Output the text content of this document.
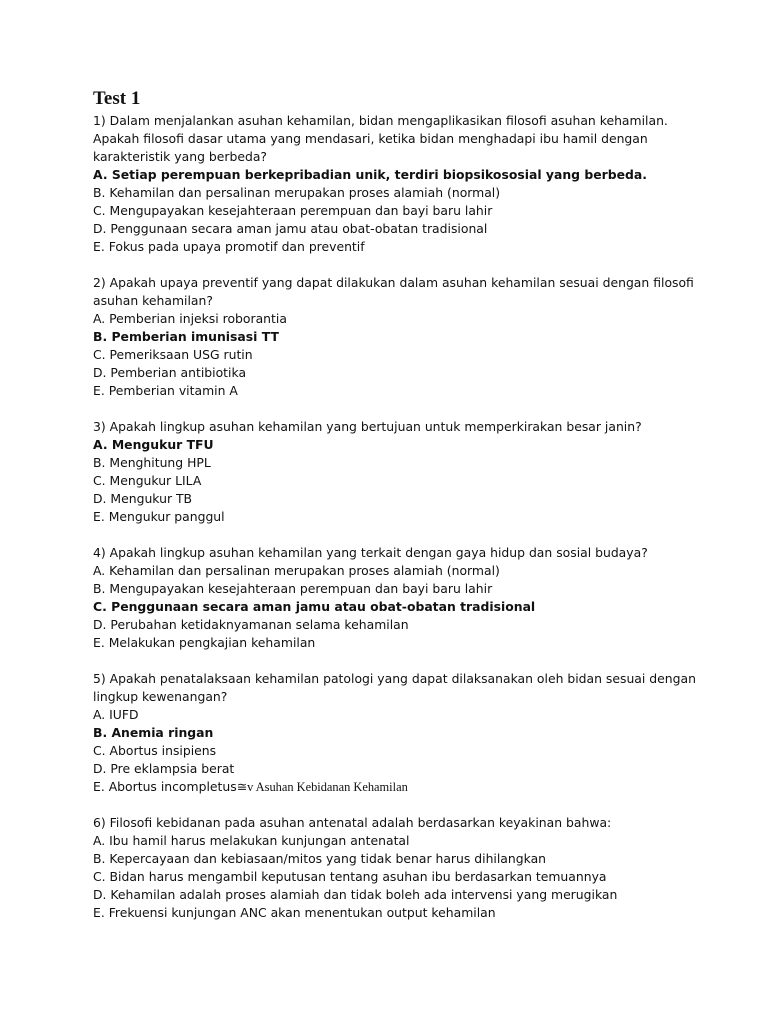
Test 1
1) Dalam menjalankan asuhan kehamilan, bidan mengaplikasikan filosofi asuhan kehamilan. Apakah filosofi dasar utama yang mendasari, ketika bidan menghadapi ibu hamil dengan karakteristik yang berbeda?
A. Setiap perempuan berkepribadian unik, terdiri biopsikososial yang berbeda.
B. Kehamilan dan persalinan merupakan proses alamiah (normal)
C. Mengupayakan kesejahteraan perempuan dan bayi baru lahir
D. Penggunaan secara aman jamu atau obat-obatan tradisional
E. Fokus pada upaya promotif dan preventif
2) Apakah upaya preventif yang dapat dilakukan dalam asuhan kehamilan sesuai dengan filosofi asuhan kehamilan?
A. Pemberian injeksi roborantia
B. Pemberian imunisasi TT
C. Pemeriksaan USG rutin
D. Pemberian antibiotika
E. Pemberian vitamin A
3) Apakah lingkup asuhan kehamilan yang bertujuan untuk memperkirakan besar janin?
A. Mengukur TFU
B. Menghitung HPL
C. Mengukur LILA
D. Mengukur TB
E. Mengukur panggul
4) Apakah lingkup asuhan kehamilan yang terkait dengan gaya hidup dan sosial budaya?
A. Kehamilan dan persalinan merupakan proses alamiah (normal)
B. Mengupayakan kesejahteraan perempuan dan bayi baru lahir
C. Penggunaan secara aman jamu atau obat-obatan tradisional
D. Perubahan ketidaknyamanan selama kehamilan
E. Melakukan pengkajian kehamilan
5) Apakah penatalaksaan kehamilan patologi yang dapat dilaksanakan oleh bidan sesuai dengan lingkup kewenangan?
A. IUFD
B. Anemia ringan
C. Abortus insipiens
D. Pre eklampsia berat
E. Abortus incompletus≅v Asuhan Kebidanan Kehamilan
6) Filosofi kebidanan pada asuhan antenatal adalah berdasarkan keyakinan bahwa:
A. Ibu hamil harus melakukan kunjungan antenatal
B. Kepercayaan dan kebiasaan/mitos yang tidak benar harus dihilangkan
C. Bidan harus mengambil keputusan tentang asuhan ibu berdasarkan temuannya
D. Kehamilan adalah proses alamiah dan tidak boleh ada intervensi yang merugikan
E. Frekuensi kunjungan ANC akan menentukan output kehamilan
